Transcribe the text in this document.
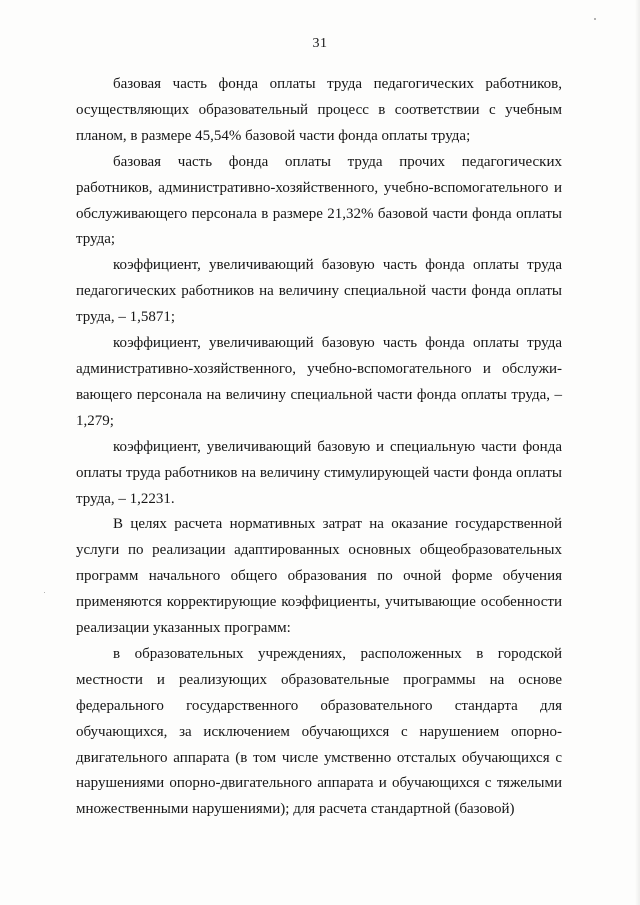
31

базовая часть фонда оплаты труда педагогических работников, осуществляющих образовательный процесс в соответствии с учебным планом, в размере 45,54% базовой части фонда оплаты труда;

базовая часть фонда оплаты труда прочих педагогических работников, административно-хозяйственного, учебно-вспомогательного и обслуживающего персонала в размере 21,32% базовой части фонда оплаты труда;

коэффициент, увеличивающий базовую часть фонда оплаты труда педагогических работников на величину специальной части фонда оплаты труда, – 1,5871;

коэффициент, увеличивающий базовую часть фонда оплаты труда административно-хозяйственного, учебно-вспомогательного и обслуживающего персонала на величину специальной части фонда оплаты труда, – 1,279;

коэффициент, увеличивающий базовую и специальную части фонда оплаты труда работников на величину стимулирующей части фонда оплаты труда, – 1,2231.

В целях расчета нормативных затрат на оказание государственной услуги по реализации адаптированных основных общеобразовательных программ начального общего образования по очной форме обучения применяются корректирующие коэффициенты, учитывающие особенности реализации указанных программ:

в образовательных учреждениях, расположенных в городской местности и реализующих образовательные программы на основе федерального государственного образовательного стандарта для обучающихся, за исключением обучающихся с нарушением опорно-двигательного аппарата (в том числе умственно отсталых обучающихся с нарушениями опорно-двигательного аппарата и обучающихся с тяжелыми множественными нарушениями); для расчета стандартной (базовой)
